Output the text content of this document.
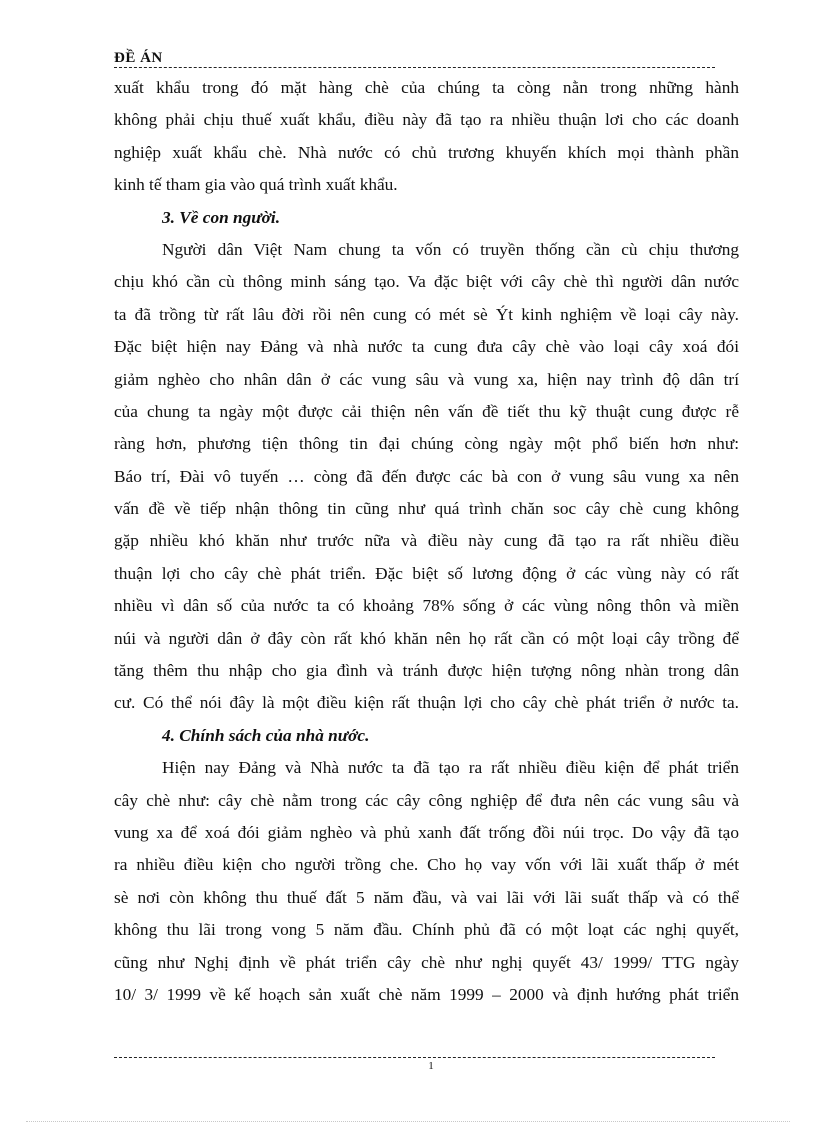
ĐỀ ÁN
xuất khẩu trong đó mặt hàng chè của chúng ta còng nằn trong những hành
không phải chịu thuế xuất khẩu, điều này đã tạo ra nhiều thuận lơi cho các doanh
nghiệp xuất khẩu chè. Nhà nước có chủ trương khuyến khích mọi thành phần
kinh tế tham gia vào quá trình xuất khẩu.
3. Về con người.
Người dân Việt Nam chung ta vốn có truyền thống cần cù chịu thương
chịu khó cần cù thông minh sáng tạo. Va đặc biệt với cây chè thì người dân nước
ta đã trồng từ rất lâu đời rồi nên cung có mét sè Ýt kinh nghiệm về loại cây này.
Đặc biệt hiện nay Đảng và nhà nước ta cung đưa cây chè vào loại cây xoá đói
giảm nghèo cho nhân dân ở các vung sâu và vung xa, hiện nay trình độ dân trí
của chung ta ngày một được cải thiện nên vấn đề tiết thu kỹ thuật cung được rễ
ràng hơn, phương tiện thông tin đại chúng còng ngày một phổ biến hơn như:
Báo trí, Đài vô tuyến … còng đã đến được các bà con ở vung sâu vung xa nên
vấn đề về tiếp nhận thông tin cũng như quá trình chăn soc cây chè cung không
gặp nhiều khó khăn như trước nữa và điều này cung đã tạo ra rất nhiều điều
thuận lợi cho cây chè phát triển. Đặc biệt số lương động ở các vùng này có rất
nhiều vì dân số của nước ta có khoảng 78% sống ở các vùng nông thôn và miền
núi và người dân ở đây còn rất khó khăn nên họ rất cần có một loại cây trồng để
tăng thêm thu nhập cho gia đình và tránh được hiện tượng nông nhàn trong dân
cư. Có thể nói đây là một điều kiện rất thuận lợi cho cây chè phát triển ở nước ta.
4. Chính sách của nhà nước.
Hiện nay Đảng và Nhà nước ta đã tạo ra rất nhiều điều kiện để phát triển
cây chè như: cây chè nằm trong các cây công nghiệp để đưa nên các vung sâu và
vung xa để xoá đói giảm nghèo và phủ xanh đất trống đồi núi trọc. Do vậy đã tạo
ra nhiều điều kiện cho người trồng che. Cho họ vay vốn với lãi xuất thấp ở mét
sè nơi còn không thu thuế đất 5 năm đầu, và vai lãi với lãi suất thấp và có thể
không thu lãi trong vong 5 năm đầu. Chính phủ đã có một loạt các nghị quyết,
cũng như Nghị định về phát triển cây chè như nghị quyết 43/ 1999/ TTG ngày
10/ 3/ 1999 về kế hoạch sản xuất chè năm 1999 – 2000 và định hướng phát triển
1
